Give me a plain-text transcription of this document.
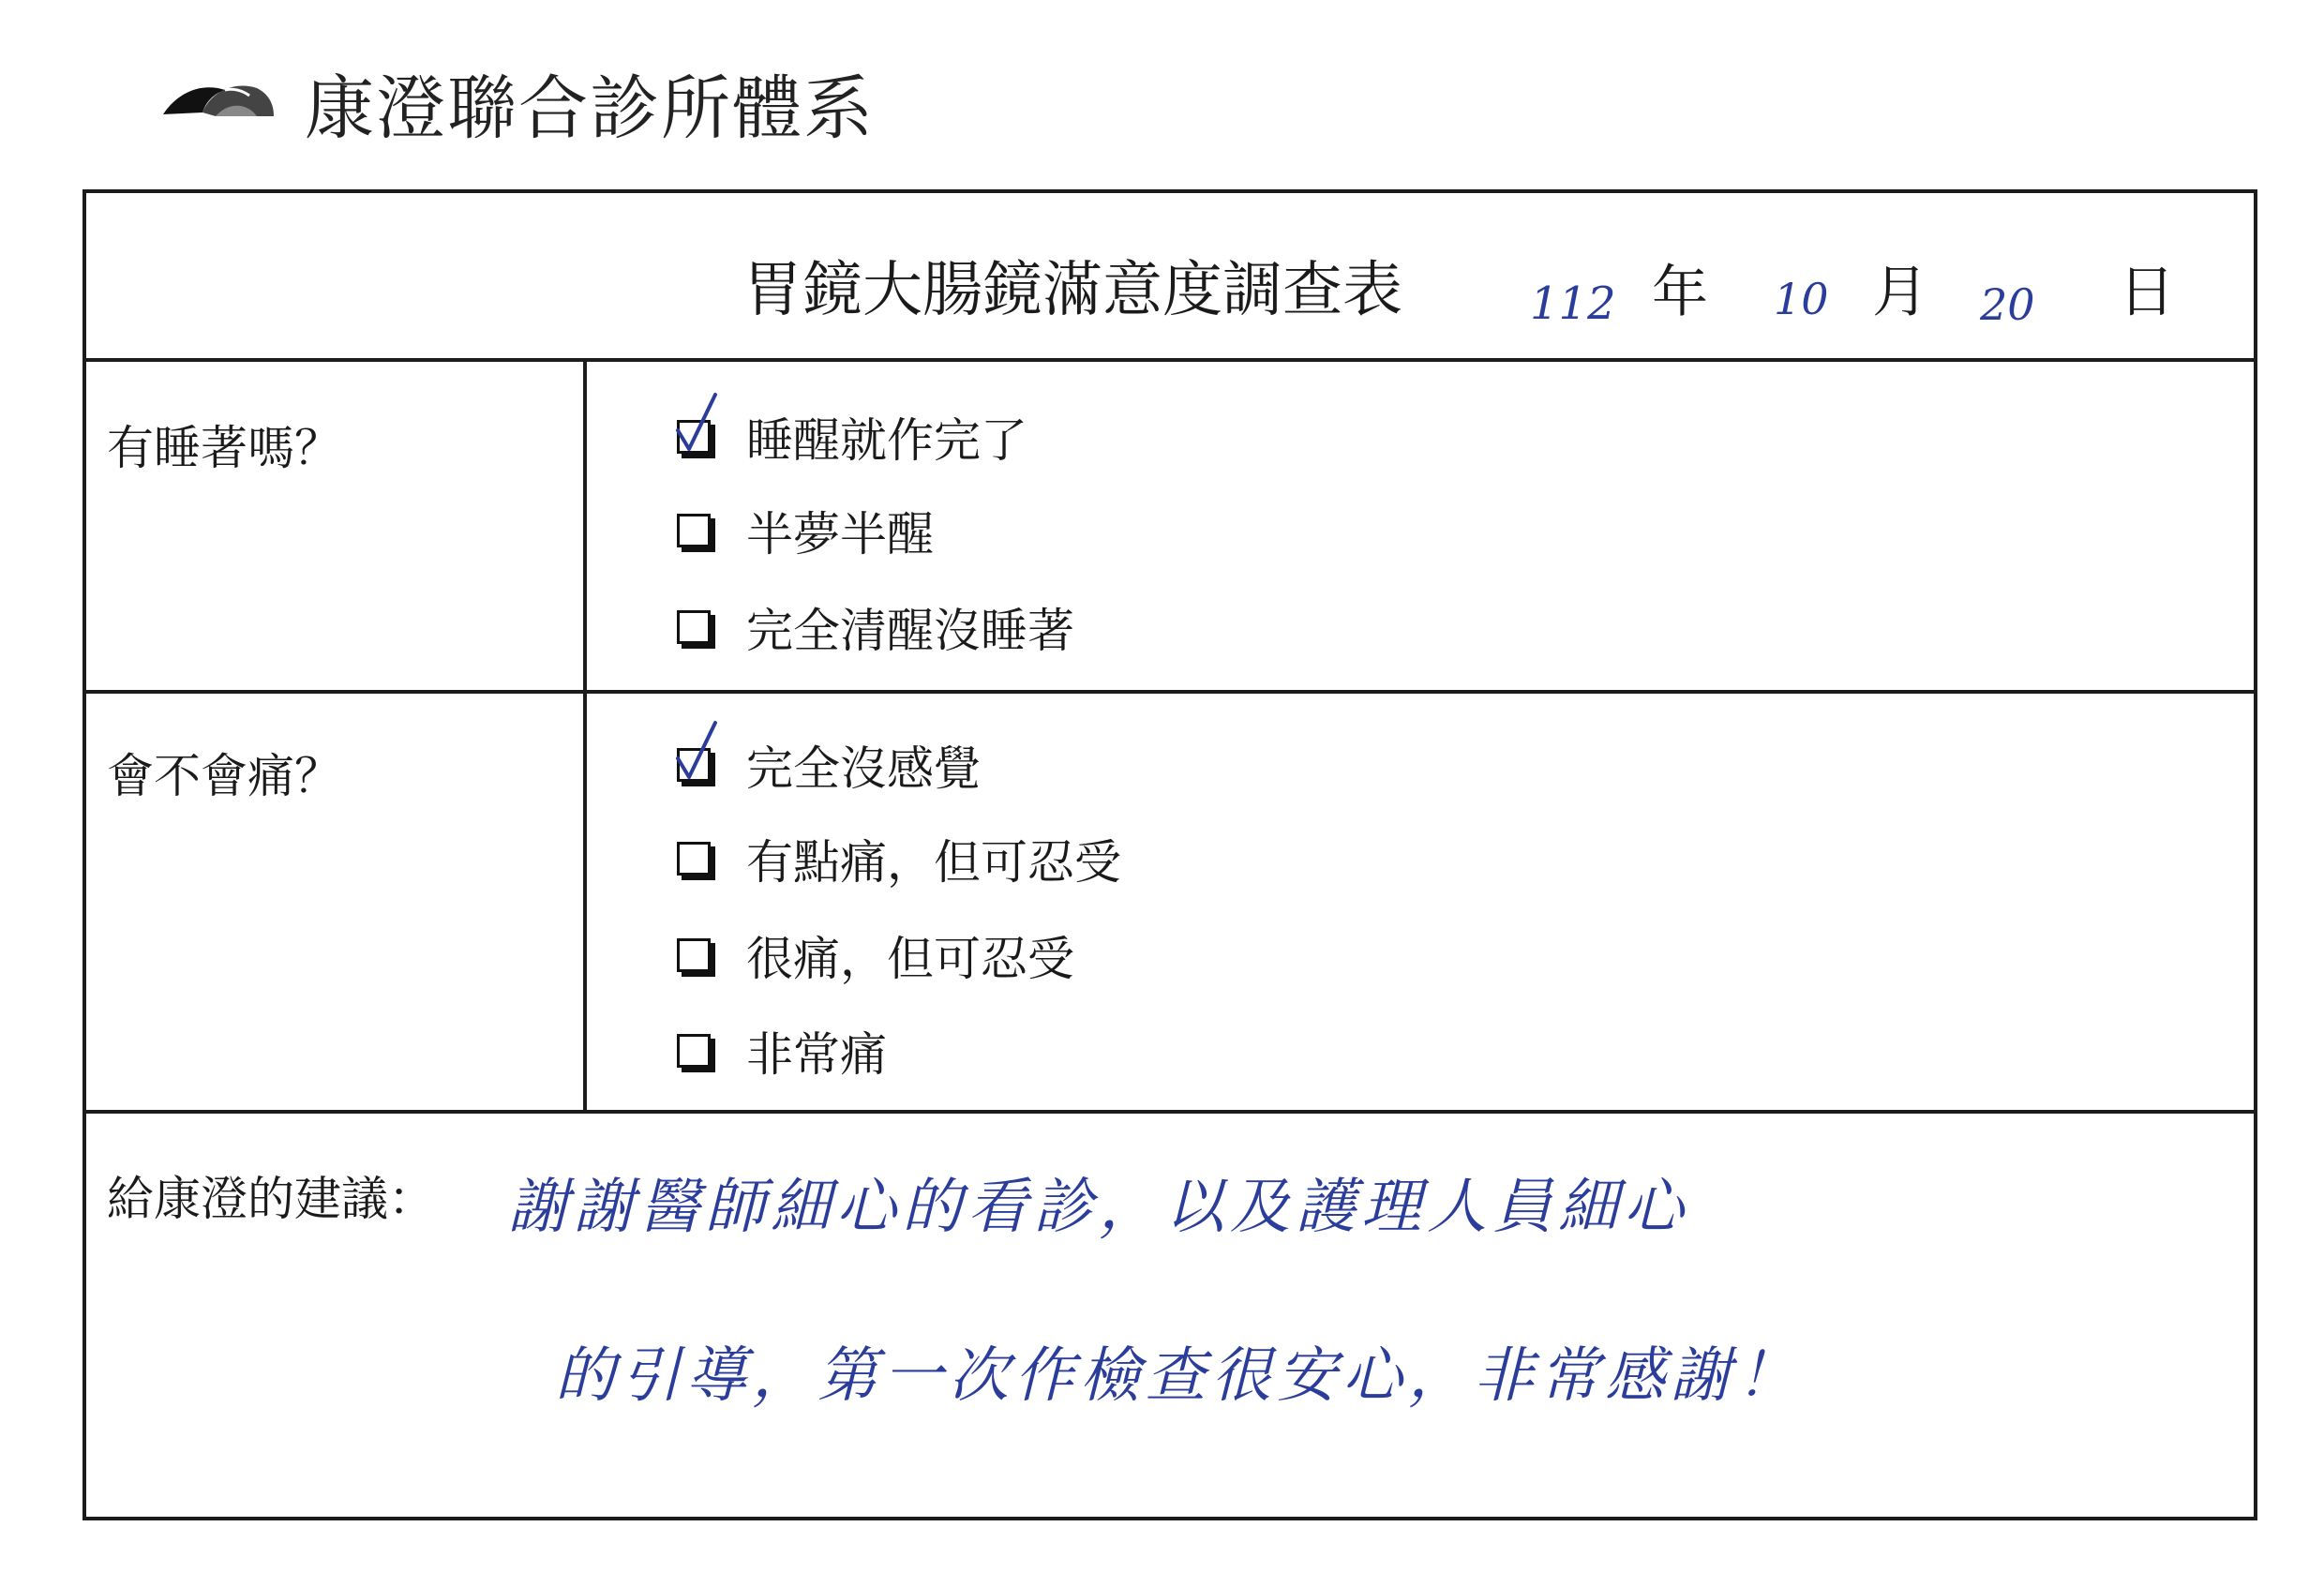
康澄聯合診所體系
胃鏡大腸鏡滿意度調查表	112 年 10 月 20 日
有睡著嗎？	睡醒就作完了
半夢半醒
完全清醒沒睡著
會不會痛？	完全沒感覺
有點痛，但可忍受
很痛，但可忍受
非常痛
給康澄的建議： 謝謝醫師細心的看診，以及護理人員細心
的引導，第一次作檢查很安心，非常感謝！
